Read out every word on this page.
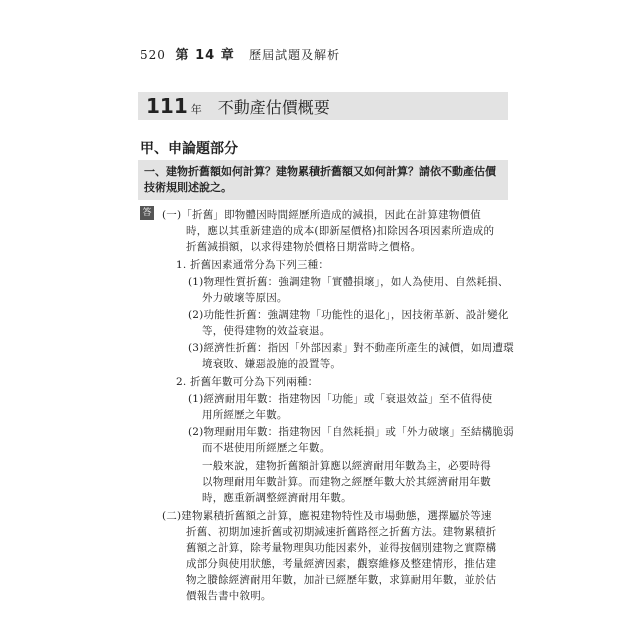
520 第 14 章 歷屆試題及解析
111 年 不動產估價概要
甲、申論題部分
一、建物折舊額如何計算？建物累積折舊額又如何計算？請依不動產估價技術規則述說之。
答 (一)「折舊」即物體因時間經歷所造成的減損，因此在計算建物價值
時，應以其重新建造的成本(即新屋價格)扣除因各項因素所造成的
折舊減損額，以求得建物於價格日期當時之價格。
1. 折舊因素通常分為下列三種：
(1)物理性質折舊：強調建物「實體損壞」，如人為使用、自然耗損、
外力破壞等原因。
(2)功能性折舊：強調建物「功能性的退化」，因技術革新、設計變化
等，使得建物的效益衰退。
(3)經濟性折舊：指因「外部因素」對不動產所產生的減價，如周遭環
境衰敗、嫌惡設施的設置等。
2. 折舊年數可分為下列兩種：
(1)經濟耐用年數：指建物因「功能」或「衰退效益」至不值得使
用所經歷之年數。
(2)物理耐用年數：指建物因「自然耗損」或「外力破壞」至結構脆弱
而不堪使用所經歷之年數。
一般來說，建物折舊額計算應以經濟耐用年數為主，必要時得
以物理耐用年數計算。而建物之經歷年數大於其經濟耐用年數
時，應重新調整經濟耐用年數。
(二)建物累積折舊額之計算，應視建物特性及市場動態，選擇屬於等速
折舊、初期加速折舊或初期減速折舊路徑之折舊方法。建物累積折
舊額之計算，除考量物理與功能因素外，並得按個別建物之實際構
成部分與使用狀態，考量經濟因素，觀察維修及整建情形，推估建
物之賸餘經濟耐用年數，加計已經歷年數，求算耐用年數，並於估
價報告書中敘明。
